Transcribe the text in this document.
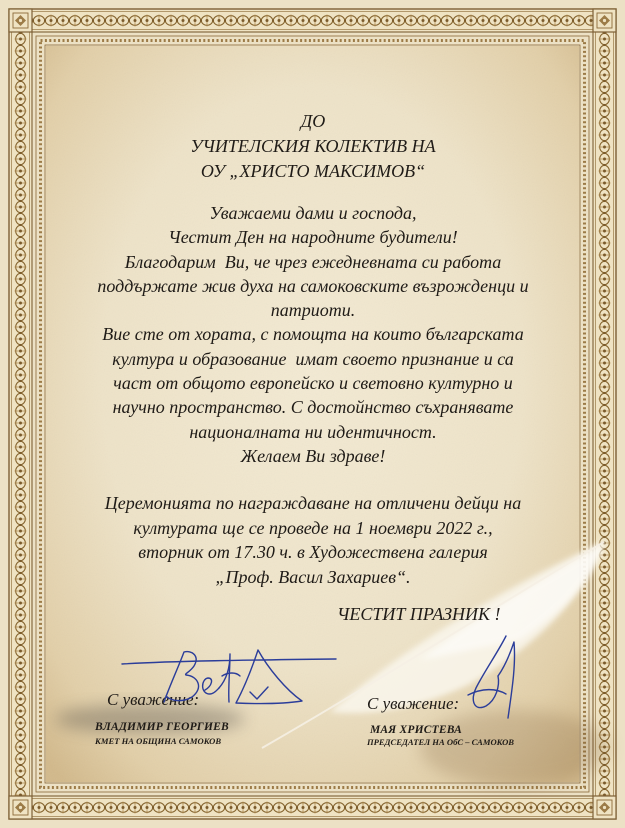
ДО
УЧИТЕЛСКИЯ КОЛЕКТИВ НА
ОУ „ХРИСТО МАКСИМОВ“
Уважаеми дами и господа,
Честит Ден на народните будители!
Благодарим  Ви, че чрез ежедневната си работа
поддържате жив духа на самоковските възрожденци и
патриоти.
Вие сте от хората, с помощта на които българската
култура и образование  имат своето признание и са
част от общото европейско и световно културно и
научно пространство. С достойнство съхранявате
националната ни идентичност.
Желаем Ви здраве!
Церемонията по награждаване на отличени дейци на
културата ще се проведе на 1 ноември 2022 г.,
вторник от 17.30 ч. в Художествена галерия
„Проф. Васил Захариев“.
ЧЕСТИТ ПРАЗНИК !
С уважение:
ВЛАДИМИР ГЕОРГИЕВ
КМЕТ НА ОБЩИНА САМОКОВ
С уважение:
МАЯ ХРИСТЕВА
ПРЕДСЕДАТЕЛ НА ОбС – САМОКОВ
